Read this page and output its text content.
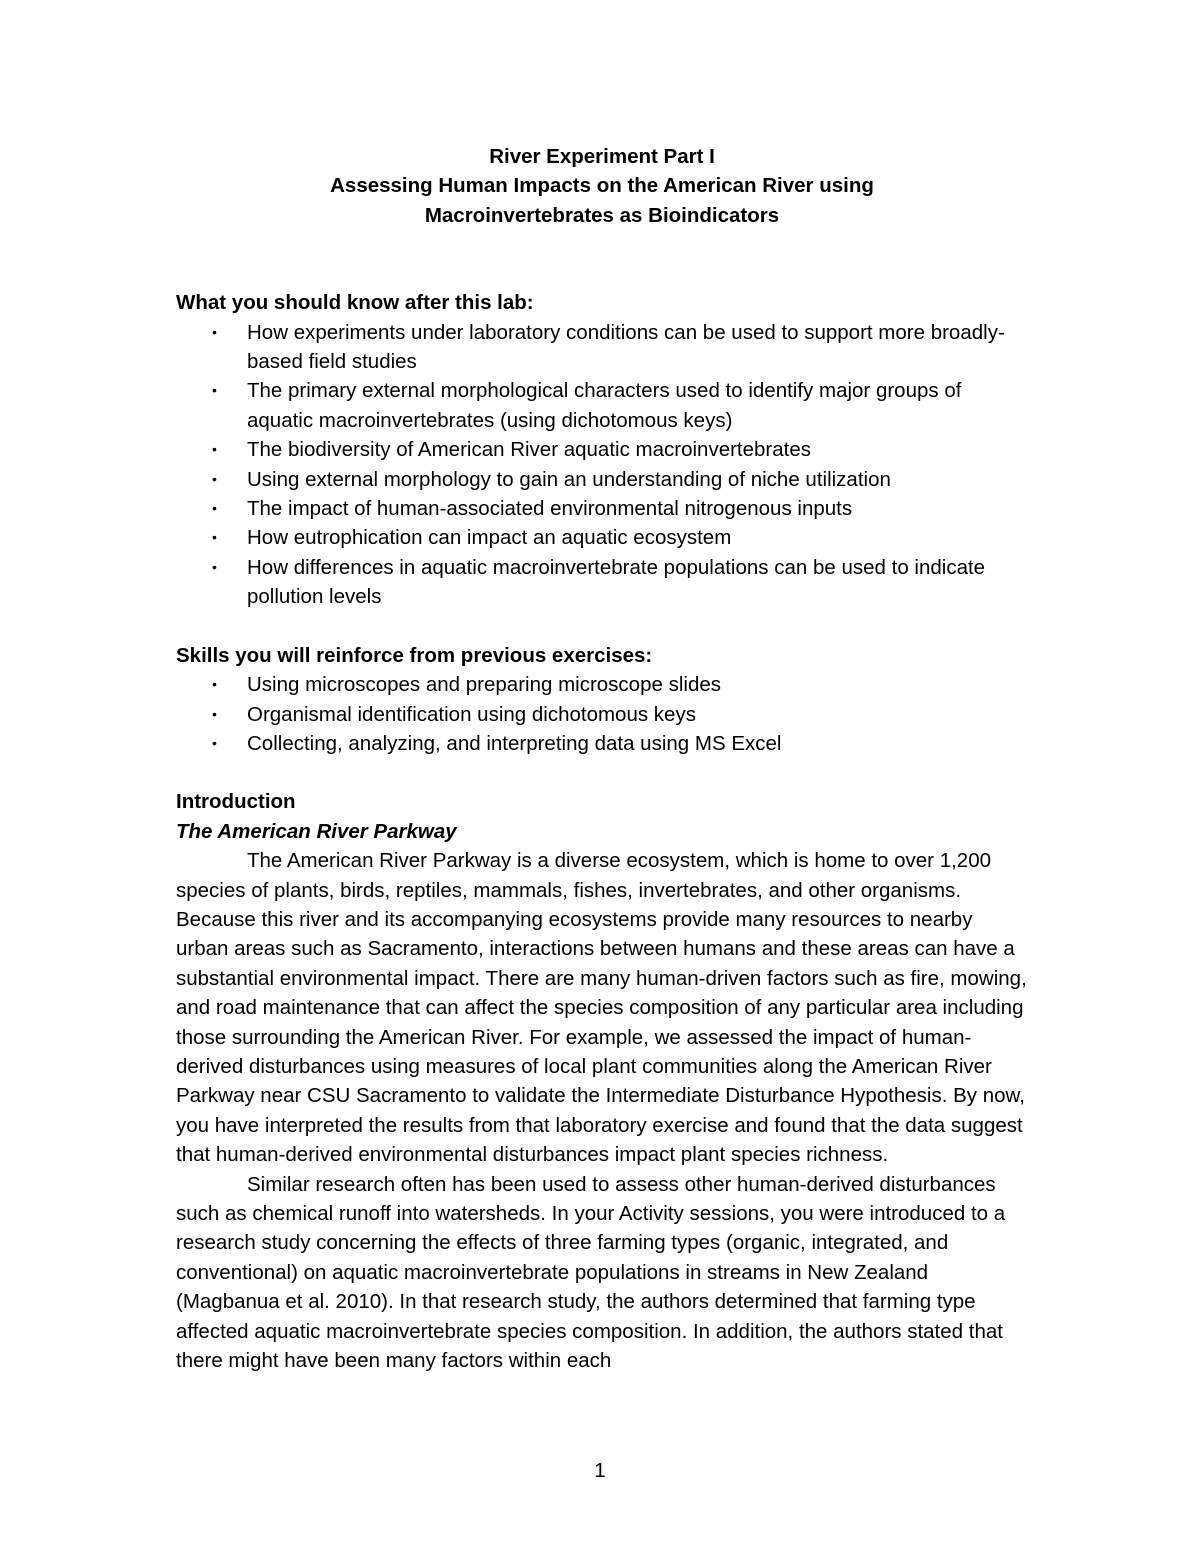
River Experiment Part I
Assessing Human Impacts on the American River using
Macroinvertebrates as Bioindicators
What you should know after this lab:
• How experiments under laboratory conditions can be used to support more broadly-based field studies
• The primary external morphological characters used to identify major groups of aquatic macroinvertebrates (using dichotomous keys)
• The biodiversity of American River aquatic macroinvertebrates
• Using external morphology to gain an understanding of niche utilization
• The impact of human-associated environmental nitrogenous inputs
• How eutrophication can impact an aquatic ecosystem
• How differences in aquatic macroinvertebrate populations can be used to indicate pollution levels
Skills you will reinforce from previous exercises:
• Using microscopes and preparing microscope slides
• Organismal identification using dichotomous keys
• Collecting, analyzing, and interpreting data using MS Excel
Introduction
The American River Parkway

The American River Parkway is a diverse ecosystem, which is home to over 1,200 species of plants, birds, reptiles, mammals, fishes, invertebrates, and other organisms. Because this river and its accompanying ecosystems provide many resources to nearby urban areas such as Sacramento, interactions between humans and these areas can have a substantial environmental impact. There are many human-driven factors such as fire, mowing, and road maintenance that can affect the species composition of any particular area including those surrounding the American River. For example, we assessed the impact of human-derived disturbances using measures of local plant communities along the American River Parkway near CSU Sacramento to validate the Intermediate Disturbance Hypothesis. By now, you have interpreted the results from that laboratory exercise and found that the data suggest that human-derived environmental disturbances impact plant species richness.

Similar research often has been used to assess other human-derived disturbances such as chemical runoff into watersheds. In your Activity sessions, you were introduced to a research study concerning the effects of three farming types (organic, integrated, and conventional) on aquatic macroinvertebrate populations in streams in New Zealand (Magbanua et al. 2010). In that research study, the authors determined that farming type affected aquatic macroinvertebrate species composition. In addition, the authors stated that there might have been many factors within each

1
